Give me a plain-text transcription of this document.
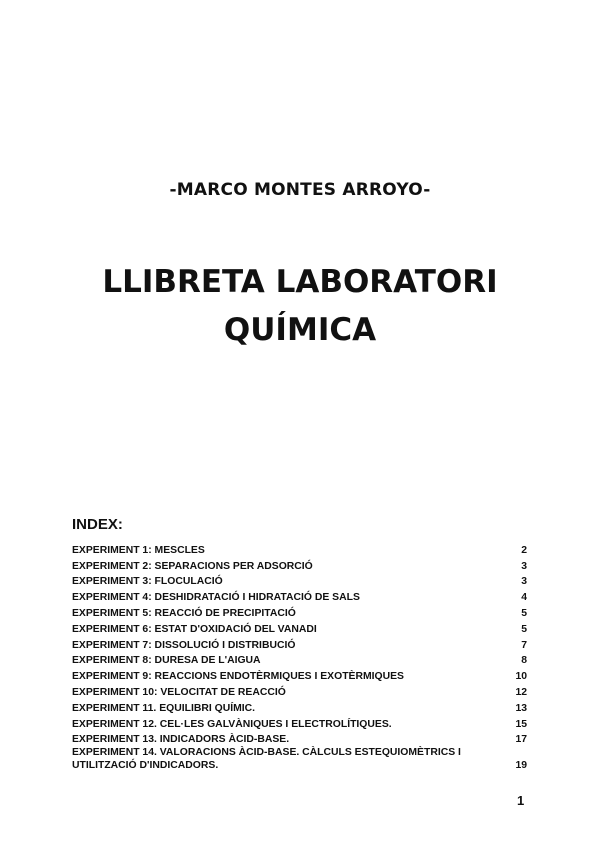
-MARCO MONTES ARROYO-
LLIBRETA LABORATORI
QUÍMICA
INDEX:
EXPERIMENT 1: MESCLES	2
EXPERIMENT 2: SEPARACIONS PER ADSORCIÓ	3
EXPERIMENT 3: FLOCULACIÓ	3
EXPERIMENT 4: DESHIDRATACIÓ I HIDRATACIÓ DE SALS	4
EXPERIMENT 5: REACCIÓ DE PRECIPITACIÓ	5
EXPERIMENT 6: ESTAT D'OXIDACIÓ DEL VANADI	5
EXPERIMENT 7: DISSOLUCIÓ I DISTRIBUCIÓ	7
EXPERIMENT 8: DURESA DE L'AIGUA	8
EXPERIMENT 9: REACCIONS ENDOTÈRMIQUES I EXOTÈRMIQUES	10
EXPERIMENT 10: VELOCITAT DE REACCIÓ	12
EXPERIMENT 11. EQUILIBRI QUÍMIC.	13
EXPERIMENT 12. CEL·LES GALVÀNIQUES I ELECTROLÍTIQUES.	15
EXPERIMENT 13. INDICADORS ÀCID-BASE.	17
EXPERIMENT 14. VALORACIONS ÀCID-BASE. CÀLCULS ESTEQUIOMÈTRICS I UTILITZACIÓ D'INDICADORS.	19
1
